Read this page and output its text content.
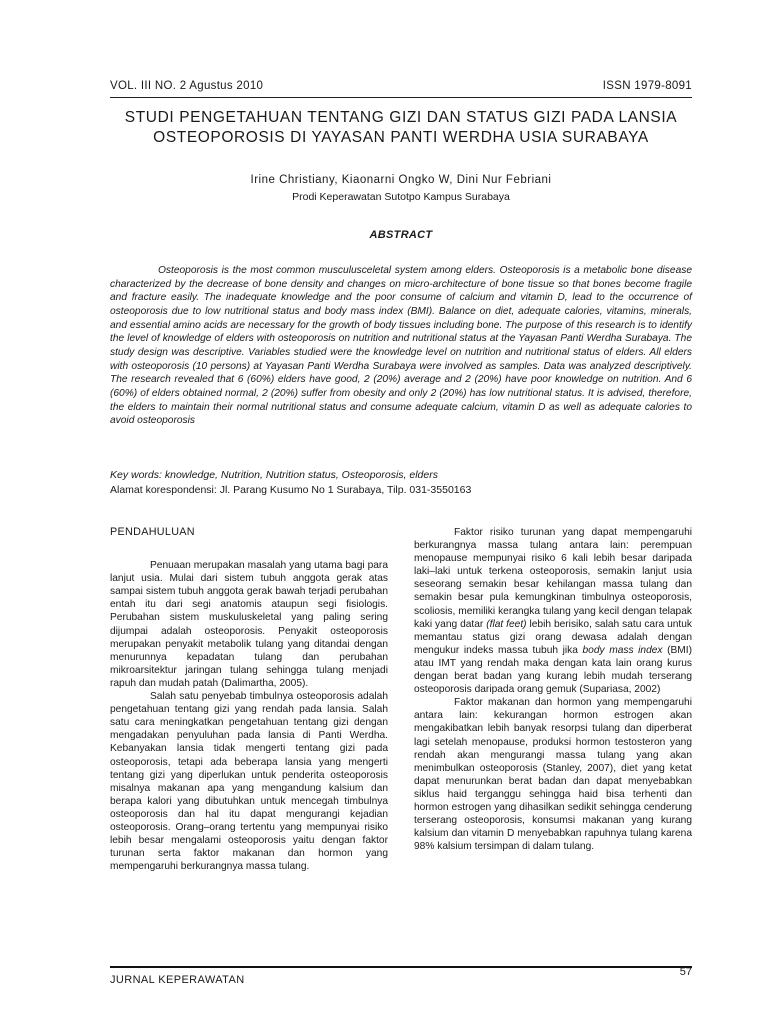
VOL. III NO. 2 Agustus 2010	ISSN 1979-8091
STUDI PENGETAHUAN TENTANG GIZI DAN STATUS GIZI PADA LANSIA
OSTEOPOROSIS DI YAYASAN PANTI WERDHA USIA SURABAYA
Irine Christiany, Kiaonarni Ongko W, Dini Nur Febriani
Prodi Keperawatan Sutotpo Kampus Surabaya
ABSTRACT

Osteoporosis is the most common musculusceletal system among elders. Osteoporosis is a metabolic bone disease characterized by the decrease of bone density and changes on micro-architecture of bone tissue so that bones become fragile and fracture easily. The inadequate knowledge and the poor consume of calcium and vitamin D, lead to the occurrence of osteoporosis due to low nutritional status and body mass index (BMI). Balance on diet, adequate calories, vitamins, minerals, and essential amino acids are necessary for the growth of body tissues including bone. The purpose of this research is to identify the level of knowledge of elders with osteoporosis on nutrition and nutritional status at the Yayasan Panti Werdha Surabaya. The study design was descriptive. Variables studied were the knowledge level on nutrition and nutritional status of elders. All elders with osteoporosis (10 persons) at Yayasan Panti Werdha Surabaya were involved as samples. Data was analyzed descriptively. The research revealed that 6 (60%) elders have good, 2 (20%) average and 2 (20%) have poor knowledge on nutrition. And 6 (60%) of elders obtained normal, 2 (20%) suffer from obesity and only 2 (20%) has low nutritional status. It is advised, therefore, the elders to maintain their normal nutritional status and consume adequate calcium, vitamin D as well as adequate calories to avoid osteoporosis

Key words: knowledge, Nutrition, Nutrition status, Osteoporosis, elders
Alamat korespondensi: Jl. Parang Kusumo No 1 Surabaya, Tilp. 031-3550163

PENDAHULUAN

Penuaan merupakan masalah yang utama bagi para lanjut usia. Mulai dari sistem tubuh anggota gerak atas sampai sistem tubuh anggota gerak bawah terjadi perubahan entah itu dari segi anatomis ataupun segi fisiologis. Perubahan sistem muskuluskeletal yang paling sering dijumpai adalah osteoporosis. Penyakit osteoporosis merupakan penyakit metabolik tulang yang ditandai dengan menurunnya kepadatan tulang dan perubahan mikroarsitektur jaringan tulang sehingga tulang menjadi rapuh dan mudah patah (Dalimartha, 2005).

Salah satu penyebab timbulnya osteoporosis adalah pengetahuan tentang gizi yang rendah pada lansia. Salah satu cara meningkatkan pengetahuan tentang gizi dengan mengadakan penyuluhan pada lansia di Panti Werdha. Kebanyakan lansia tidak mengerti tentang gizi pada osteoporosis, tetapi ada beberapa lansia yang mengerti tentang gizi yang diperlukan untuk penderita osteoporosis misalnya makanan apa yang mengandung kalsium dan berapa kalori yang dibutuhkan untuk mencegah timbulnya osteoporosis dan hal itu dapat mengurangi kejadian osteoporosis. Orang–orang tertentu yang mempunyai risiko lebih besar mengalami osteoporosis yaitu dengan faktor turunan serta faktor makanan dan hormon yang mempengaruhi berkurangnya massa tulang.

Faktor risiko turunan yang dapat mempengaruhi berkurangnya massa tulang antara lain: perempuan menopause mempunyai risiko 6 kali lebih besar daripada laki–laki untuk terkena osteoporosis, semakin lanjut usia seseorang semakin besar kehilangan massa tulang dan semakin besar pula kemungkinan timbulnya osteoporosis, scoliosis, memiliki kerangka tulang yang kecil dengan telapak kaki yang datar (flat feet) lebih berisiko, salah satu cara untuk memantau status gizi orang dewasa adalah dengan mengukur indeks massa tubuh jika body mass index (BMI) atau IMT yang rendah maka dengan kata lain orang kurus dengan berat badan yang kurang lebih mudah terserang osteoporosis daripada orang gemuk (Supariasa, 2002)

Faktor makanan dan hormon yang mempengaruhi antara lain: kekurangan hormon estrogen akan mengakibatkan lebih banyak resorpsi tulang dan diperberat lagi setelah menopause, produksi hormon testosteron yang rendah akan mengurangi massa tulang yang akan menimbulkan osteoporosis (Stanley, 2007), diet yang ketat dapat menurunkan berat badan dan dapat menyebabkan siklus haid terganggu sehingga haid bisa terhenti dan hormon estrogen yang dihasilkan sedikit sehingga cenderung terserang osteoporosis, konsumsi makanan yang kurang kalsium dan vitamin D menyebabkan rapuhnya tulang karena 98% kalsium tersimpan di dalam tulang.

JURNAL KEPERAWATAN
57
